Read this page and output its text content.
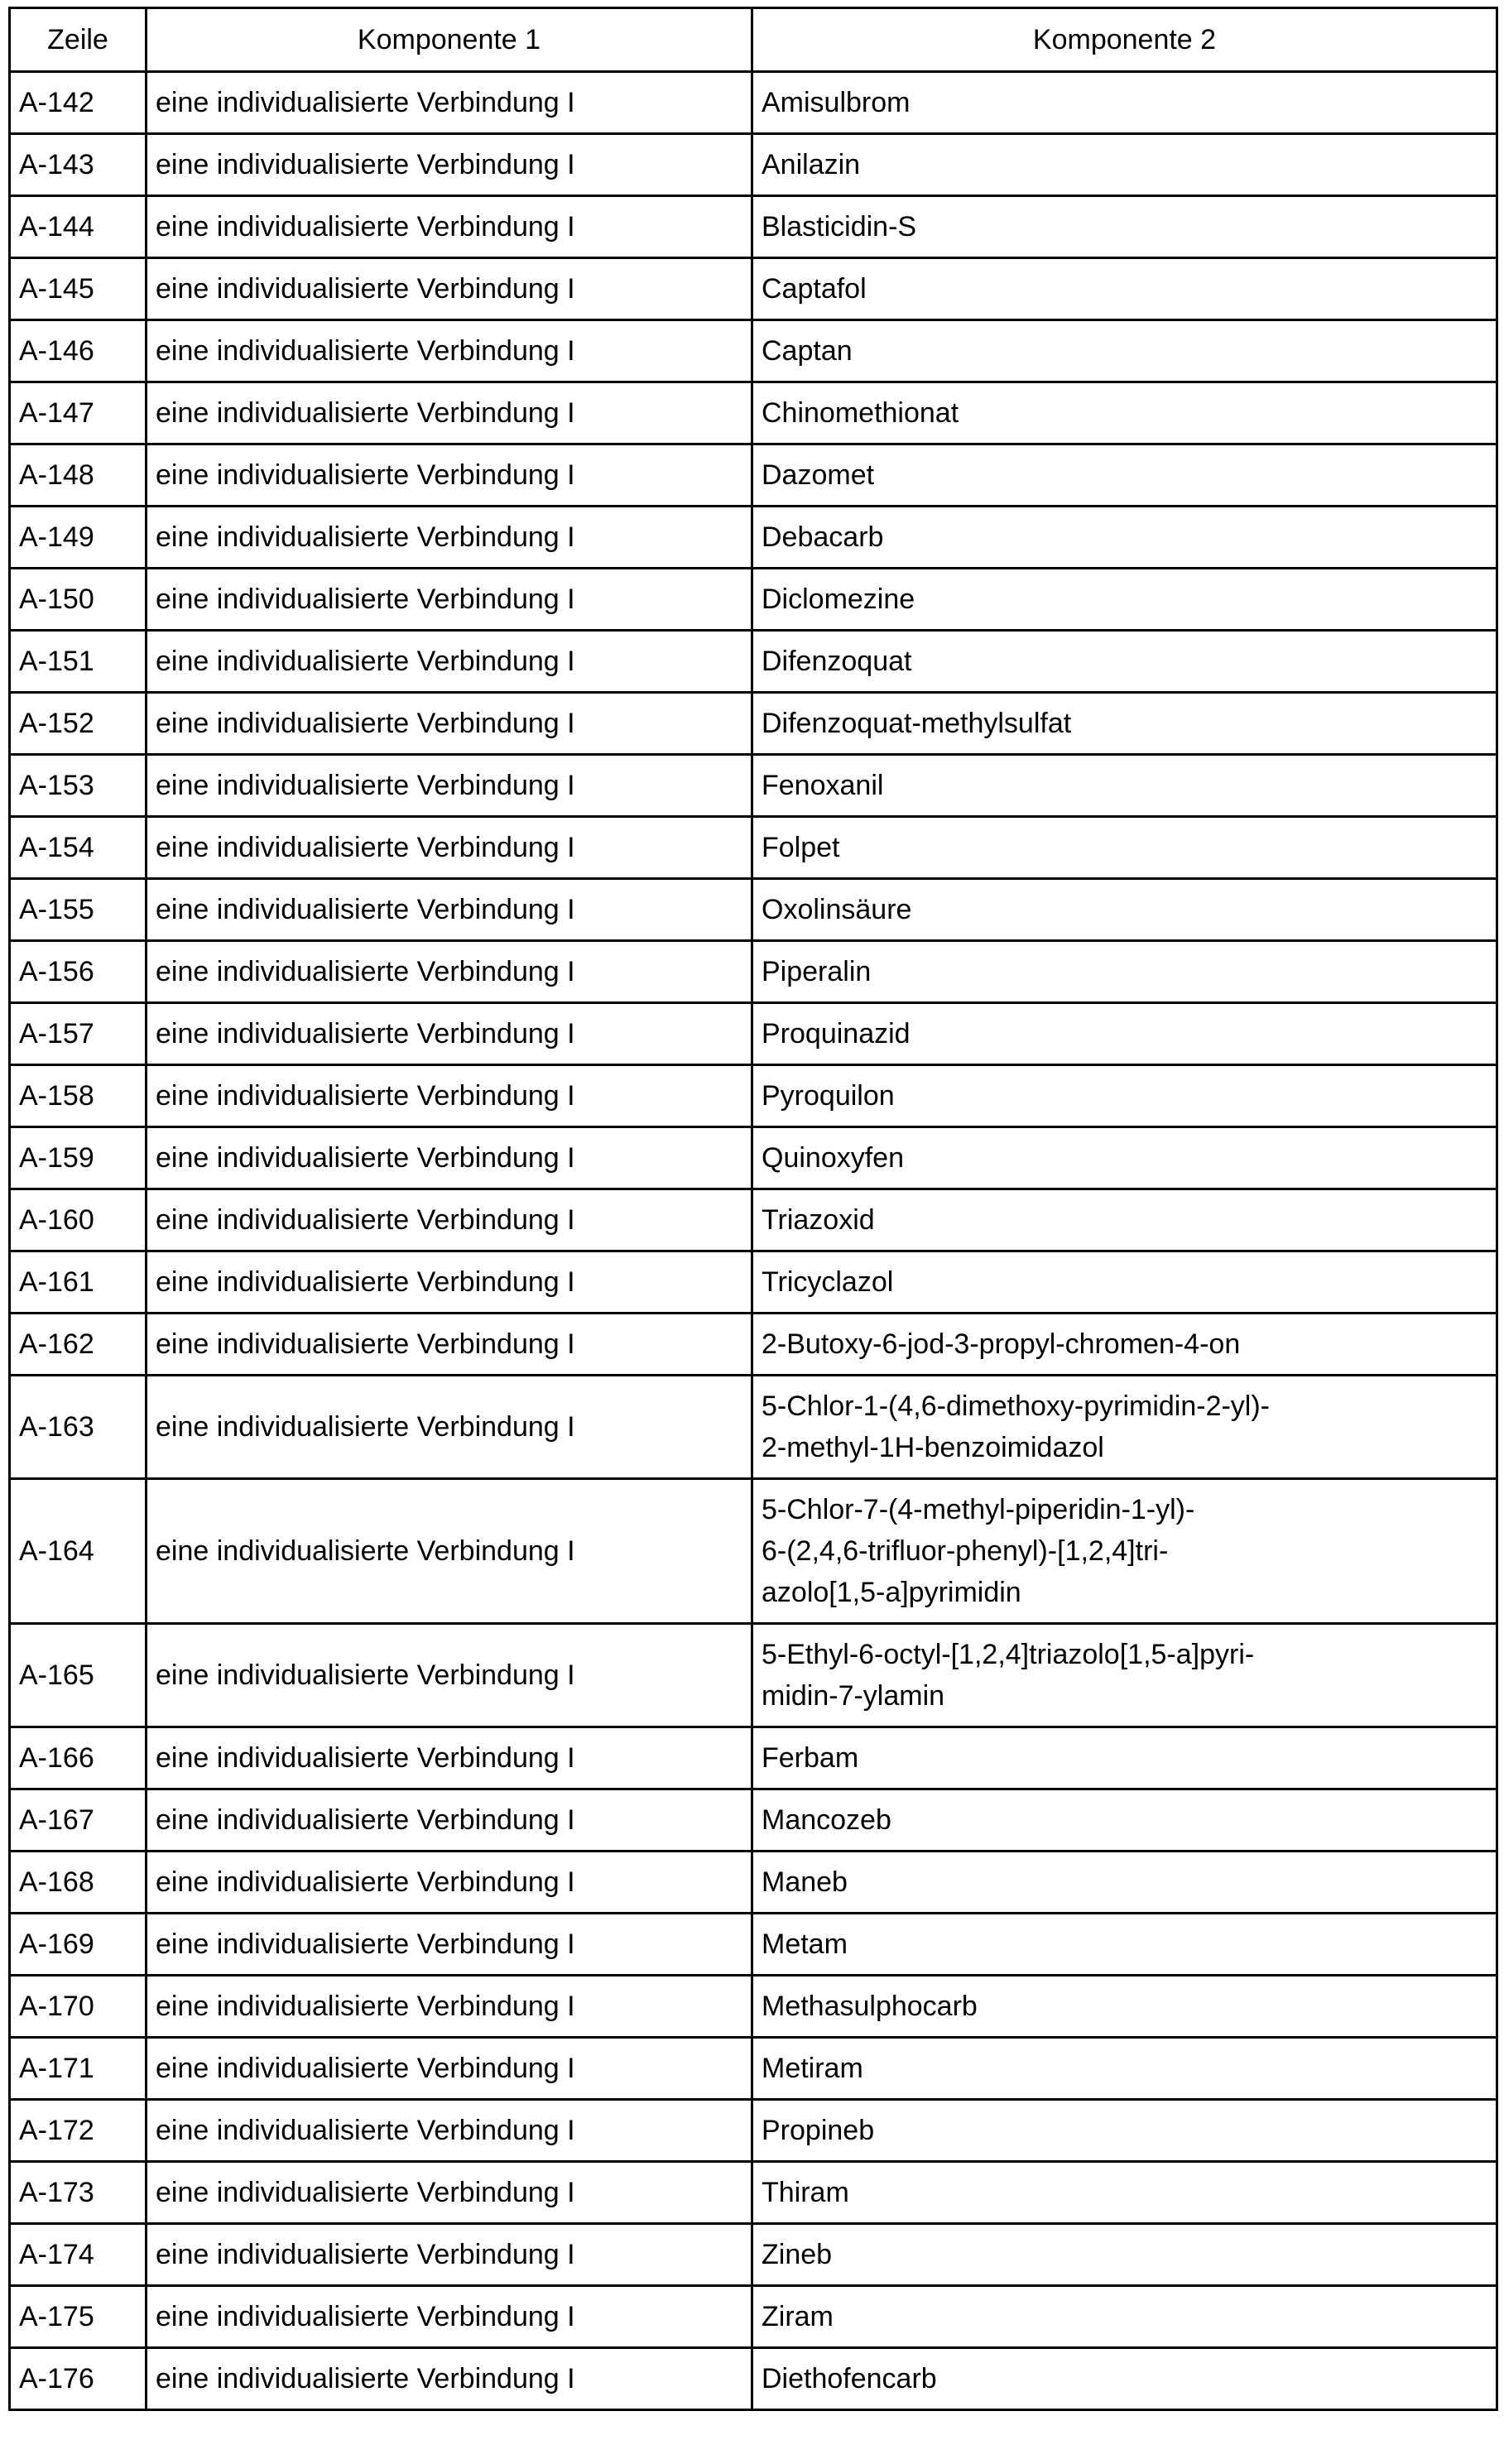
Zeile	Komponente 1	Komponente 2
A-142	eine individualisierte Verbindung I	Amisulbrom
A-143	eine individualisierte Verbindung I	Anilazin
A-144	eine individualisierte Verbindung I	Blasticidin-S
A-145	eine individualisierte Verbindung I	Captafol
A-146	eine individualisierte Verbindung I	Captan
A-147	eine individualisierte Verbindung I	Chinomethionat
A-148	eine individualisierte Verbindung I	Dazomet
A-149	eine individualisierte Verbindung I	Debacarb
A-150	eine individualisierte Verbindung I	Diclomezine
A-151	eine individualisierte Verbindung I	Difenzoquat
A-152	eine individualisierte Verbindung I	Difenzoquat-methylsulfat
A-153	eine individualisierte Verbindung I	Fenoxanil
A-154	eine individualisierte Verbindung I	Folpet
A-155	eine individualisierte Verbindung I	Oxolinsäure
A-156	eine individualisierte Verbindung I	Piperalin
A-157	eine individualisierte Verbindung I	Proquinazid
A-158	eine individualisierte Verbindung I	Pyroquilon
A-159	eine individualisierte Verbindung I	Quinoxyfen
A-160	eine individualisierte Verbindung I	Triazoxid
A-161	eine individualisierte Verbindung I	Tricyclazol
A-162	eine individualisierte Verbindung I	2-Butoxy-6-jod-3-propyl-chromen-4-on
A-163	eine individualisierte Verbindung I	5-Chlor-1-(4,6-dimethoxy-pyrimidin-2-yl)-
2-methyl-1H-benzoimidazol
A-164	eine individualisierte Verbindung I	5-Chlor-7-(4-methyl-piperidin-1-yl)-
6-(2,4,6-trifluor-phenyl)-[1,2,4]tri-
azolo[1,5-a]pyrimidin
A-165	eine individualisierte Verbindung I	5-Ethyl-6-octyl-[1,2,4]triazolo[1,5-a]pyri-
midin-7-ylamin
A-166	eine individualisierte Verbindung I	Ferbam
A-167	eine individualisierte Verbindung I	Mancozeb
A-168	eine individualisierte Verbindung I	Maneb
A-169	eine individualisierte Verbindung I	Metam
A-170	eine individualisierte Verbindung I	Methasulphocarb
A-171	eine individualisierte Verbindung I	Metiram
A-172	eine individualisierte Verbindung I	Propineb
A-173	eine individualisierte Verbindung I	Thiram
A-174	eine individualisierte Verbindung I	Zineb
A-175	eine individualisierte Verbindung I	Ziram
A-176	eine individualisierte Verbindung I	Diethofencarb
